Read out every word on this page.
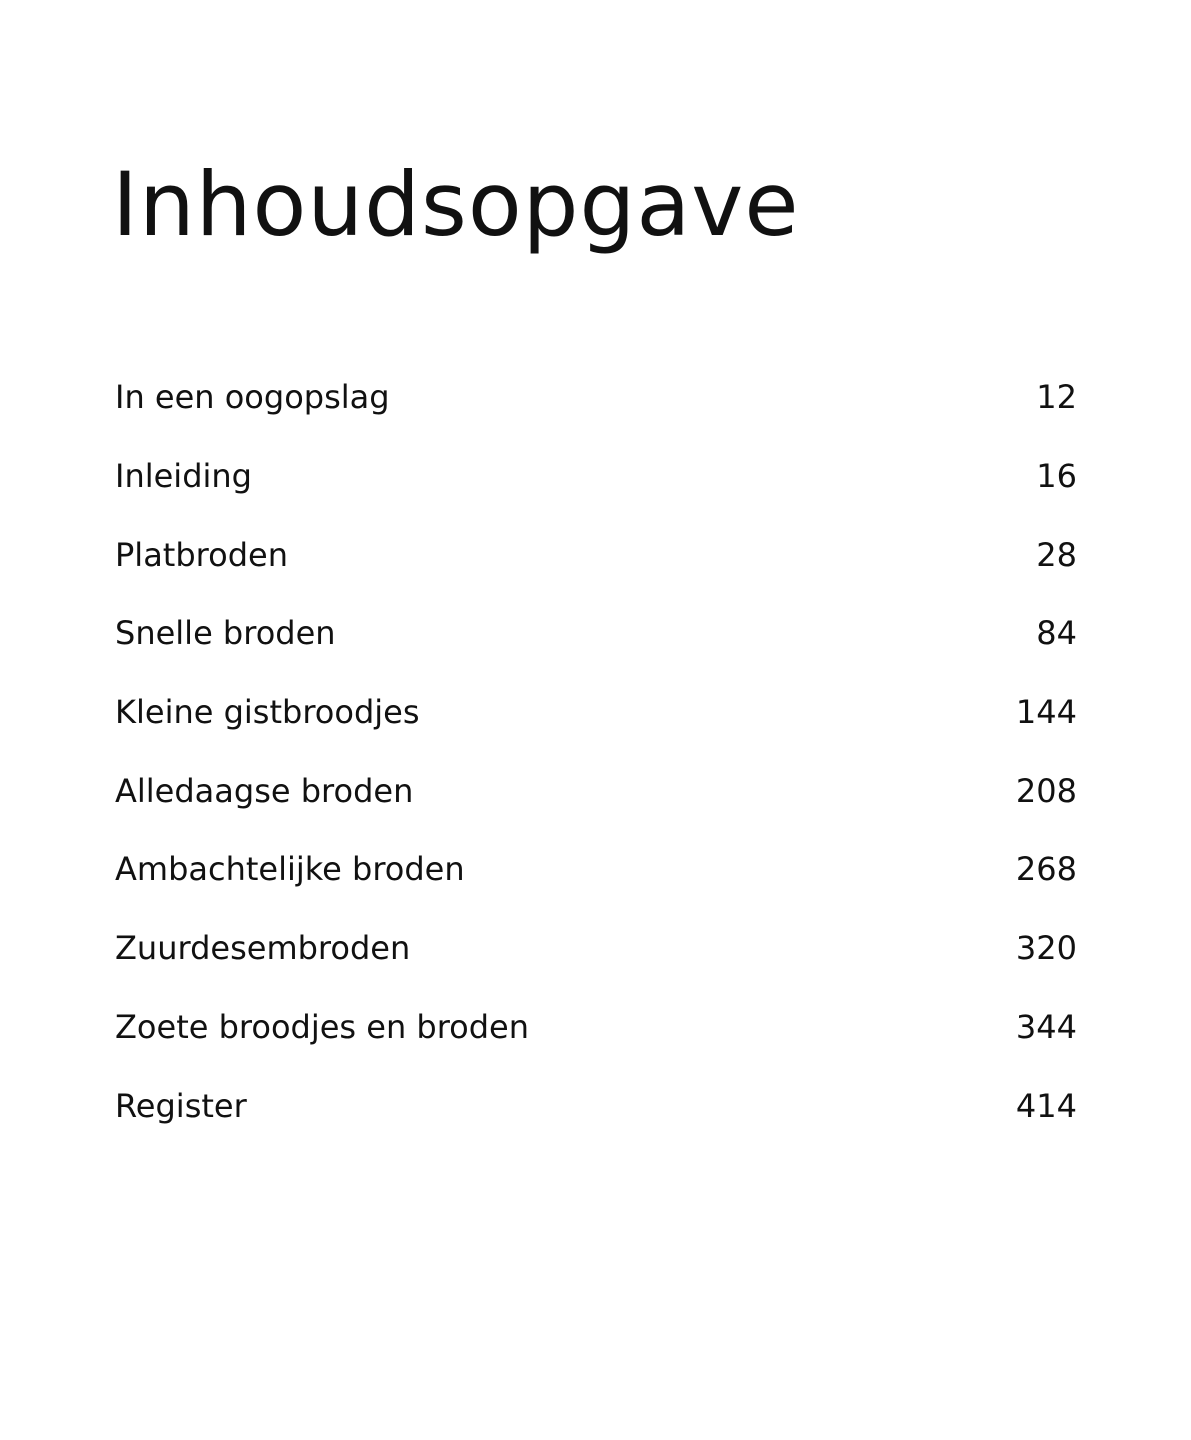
Inhoudsopgave
In een oogopslag	12
Inleiding	16
Platbroden	28
Snelle broden	84
Kleine gistbroodjes	144
Alledaagse broden	208
Ambachtelijke broden	268
Zuurdesembroden	320
Zoete broodjes en broden	344
Register	414
